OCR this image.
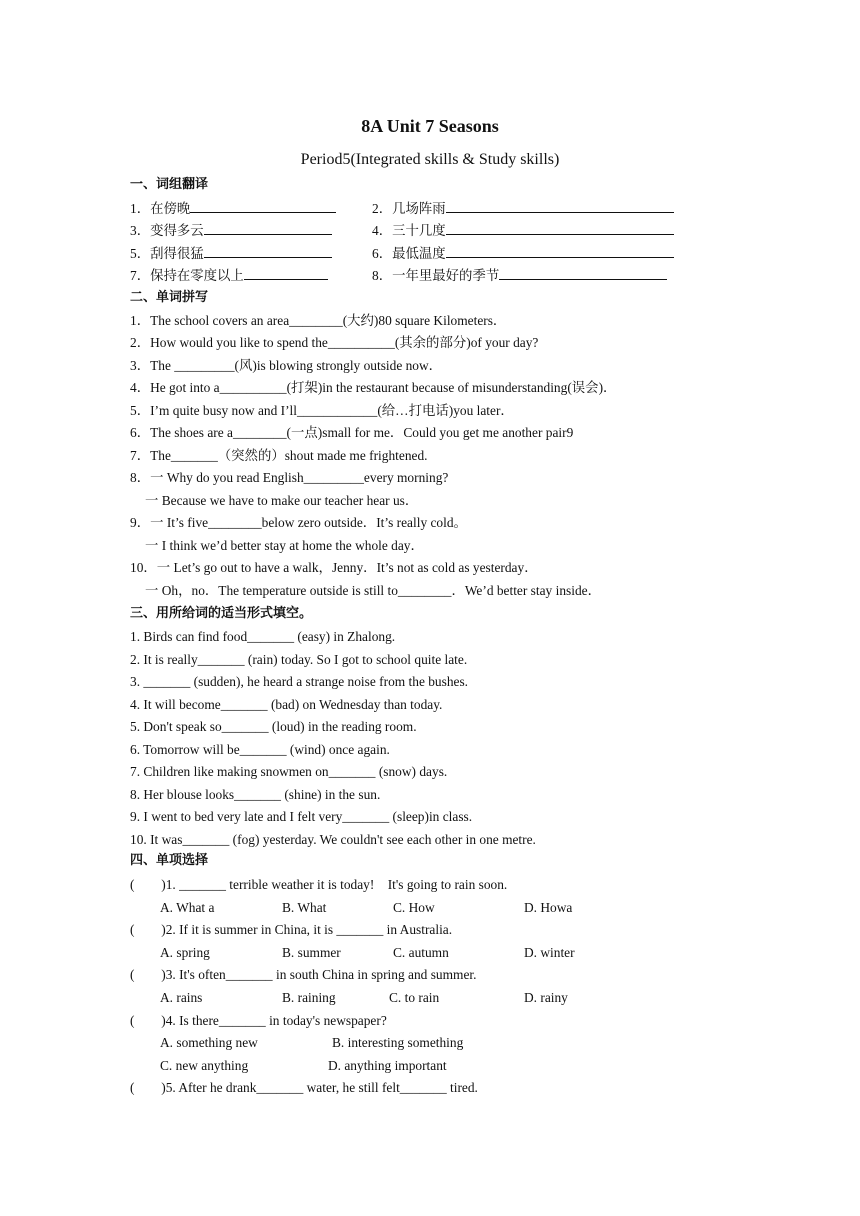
8A Unit 7 Seasons
Period5(Integrated skills & Study skills)
一、词组翻译
1．在傍晚	2．几场阵雨
3．变得多云	4．三十几度
5．刮得很猛	6．最低温度
7．保持在零度以上	8．一年里最好的季节
二、单词拼写
1．The school covers an area________(大约)80 square Kilometers．
2．How would you like to spend the__________(其余的部分)of your day?
3．The _________(风)is blowing strongly outside now．
4．He got into a__________(打架)in the restaurant because of misunderstanding(误会)．
5．I’m quite busy now and I’ll____________(给…打电话)you later．
6．The shoes are a________(一点)small for me．Could you get me another pair9
7．The_______（突然的）shout made me frightened.
8．一 Why do you read English_________every morning?
一 Because we have to make our teacher hear us．
9．一 It’s five________below zero outside．It’s really cold。
一 I think we’d better stay at home the whole day．
10．一 Let’s go out to have a walk，Jenny．It’s not as cold as yesterday．
一 Oh，no．The temperature outside is still to________．We’d better stay inside．
三、用所给词的适当形式填空。
1. Birds can find food_______ (easy) in Zhalong.
2. It is really_______ (rain) today. So I got to school quite late.
3. _______ (sudden), he heard a strange noise from the bushes.
4. It will become_______ (bad) on Wednesday than today.
5. Don't speak so_______ (loud) in the reading room.
6. Tomorrow will be_______ (wind) once again.
7. Children like making snowmen on_______ (snow) days.
8. Her blouse looks_______ (shine) in the sun.
9. I went to bed very late and I felt very_______ (sleep)in class.
10. It was_______ (fog) yesterday. We couldn't see each other in one metre.
四、单项选择
(　　)1. _______ terrible weather it is today!　It's going to rain soon.
A. What a	B. What	C. How	D. Howa
(　　)2. If it is summer in China, it is _______ in Australia.
A. spring	B. summer	C. autumn	D. winter
(　　)3. It's often_______ in south China in spring and summer.
A. rains	B. raining	C. to rain	D. rainy
(　　)4. Is there_______ in today's newspaper?
A. something new	B. interesting something
C. new anything	D. anything important
(　　)5. After he drank_______ water, he still felt_______ tired.
